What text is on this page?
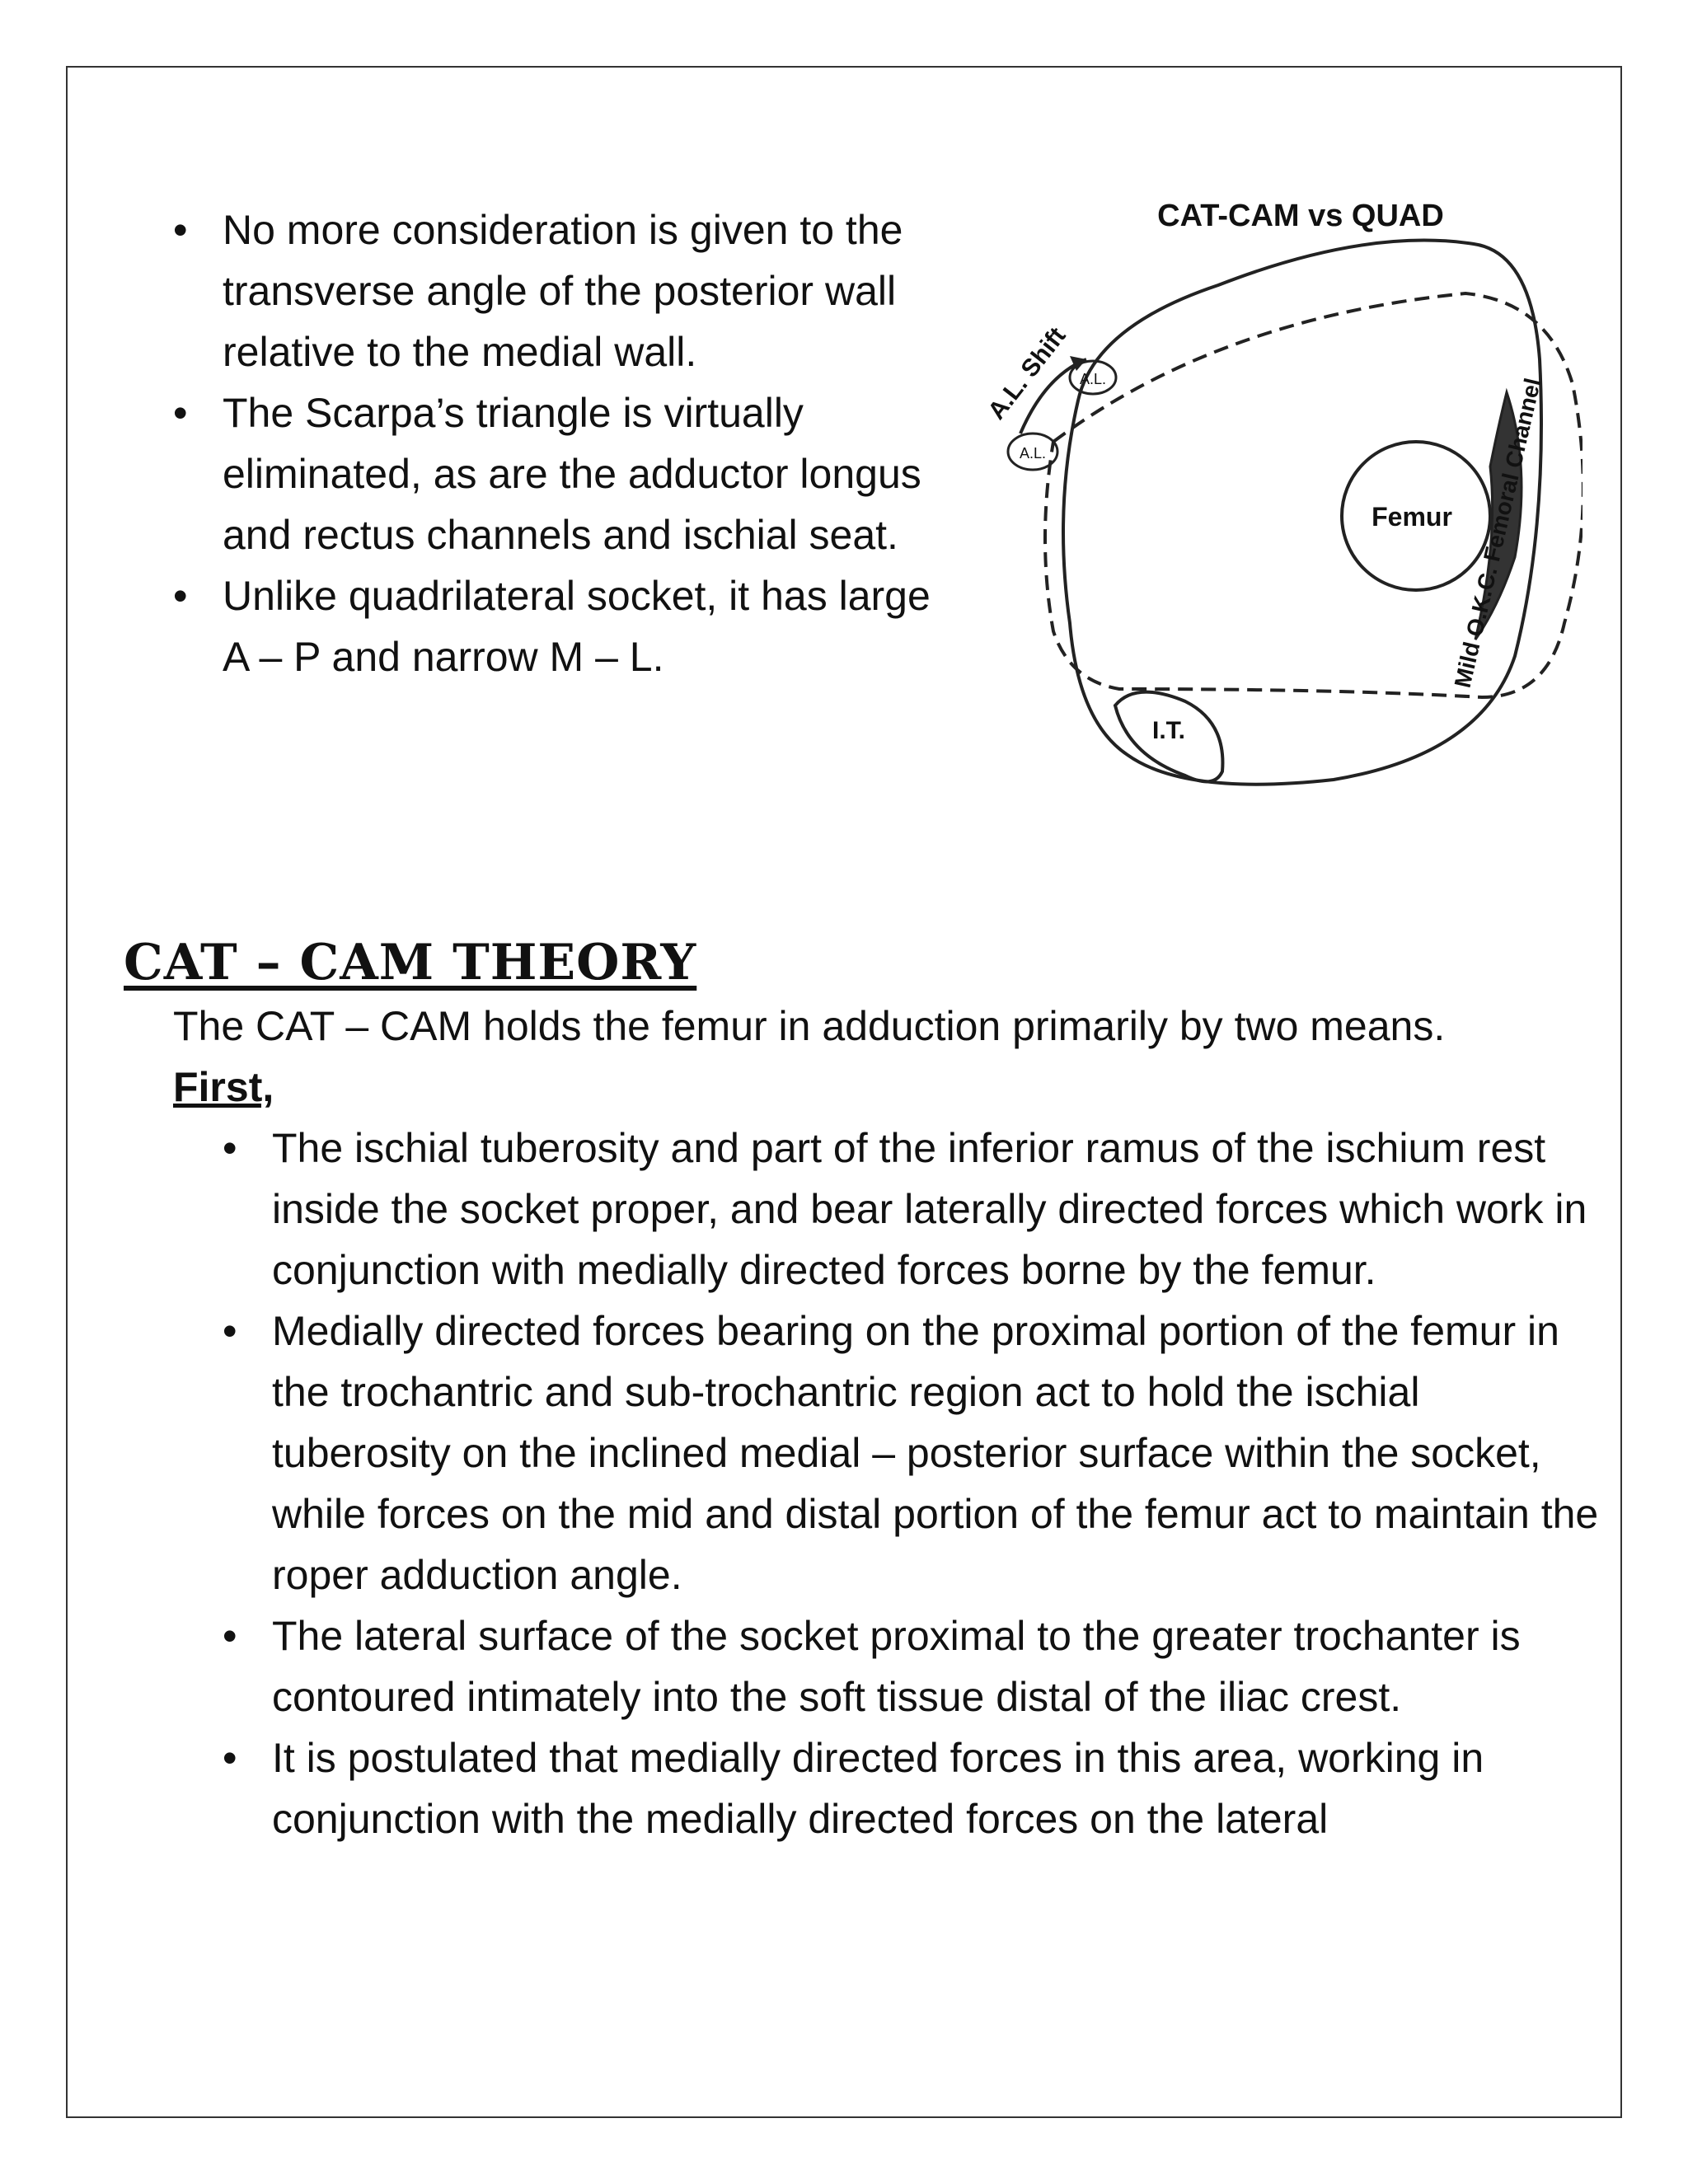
• No more consideration is given to the transverse angle of the posterior wall relative to the medial wall.
• The Scarpa’s triangle is virtually eliminated, as are the adductor longus and rectus channels and ischial seat.
• Unlike quadrilateral socket, it has large A – P and narrow M – L.
CAT-CAM vs QUAD
Femur
A.L.
A.L.
A.L. Shift
Mild O.K.C. Femoral Channel
I.T.
CAT – CAM THEORY

The CAT – CAM holds the femur in adduction primarily by two means.

First,

• The ischial tuberosity and part of the inferior ramus of the ischium rest inside the socket proper, and bear laterally directed forces which work in conjunction with medially directed forces borne by the femur.
• Medially directed forces bearing on the proximal portion of the femur in the trochantric and sub-trochantric region act to hold the ischial tuberosity on the inclined medial – posterior surface within the socket, while forces on the mid and distal portion of the femur act to maintain the roper adduction angle.
• The lateral surface of the socket proximal to the greater trochanter is contoured intimately into the soft tissue distal of the iliac crest.
• It is postulated that medially directed forces in this area, working in conjunction with the medially directed forces on the lateral
